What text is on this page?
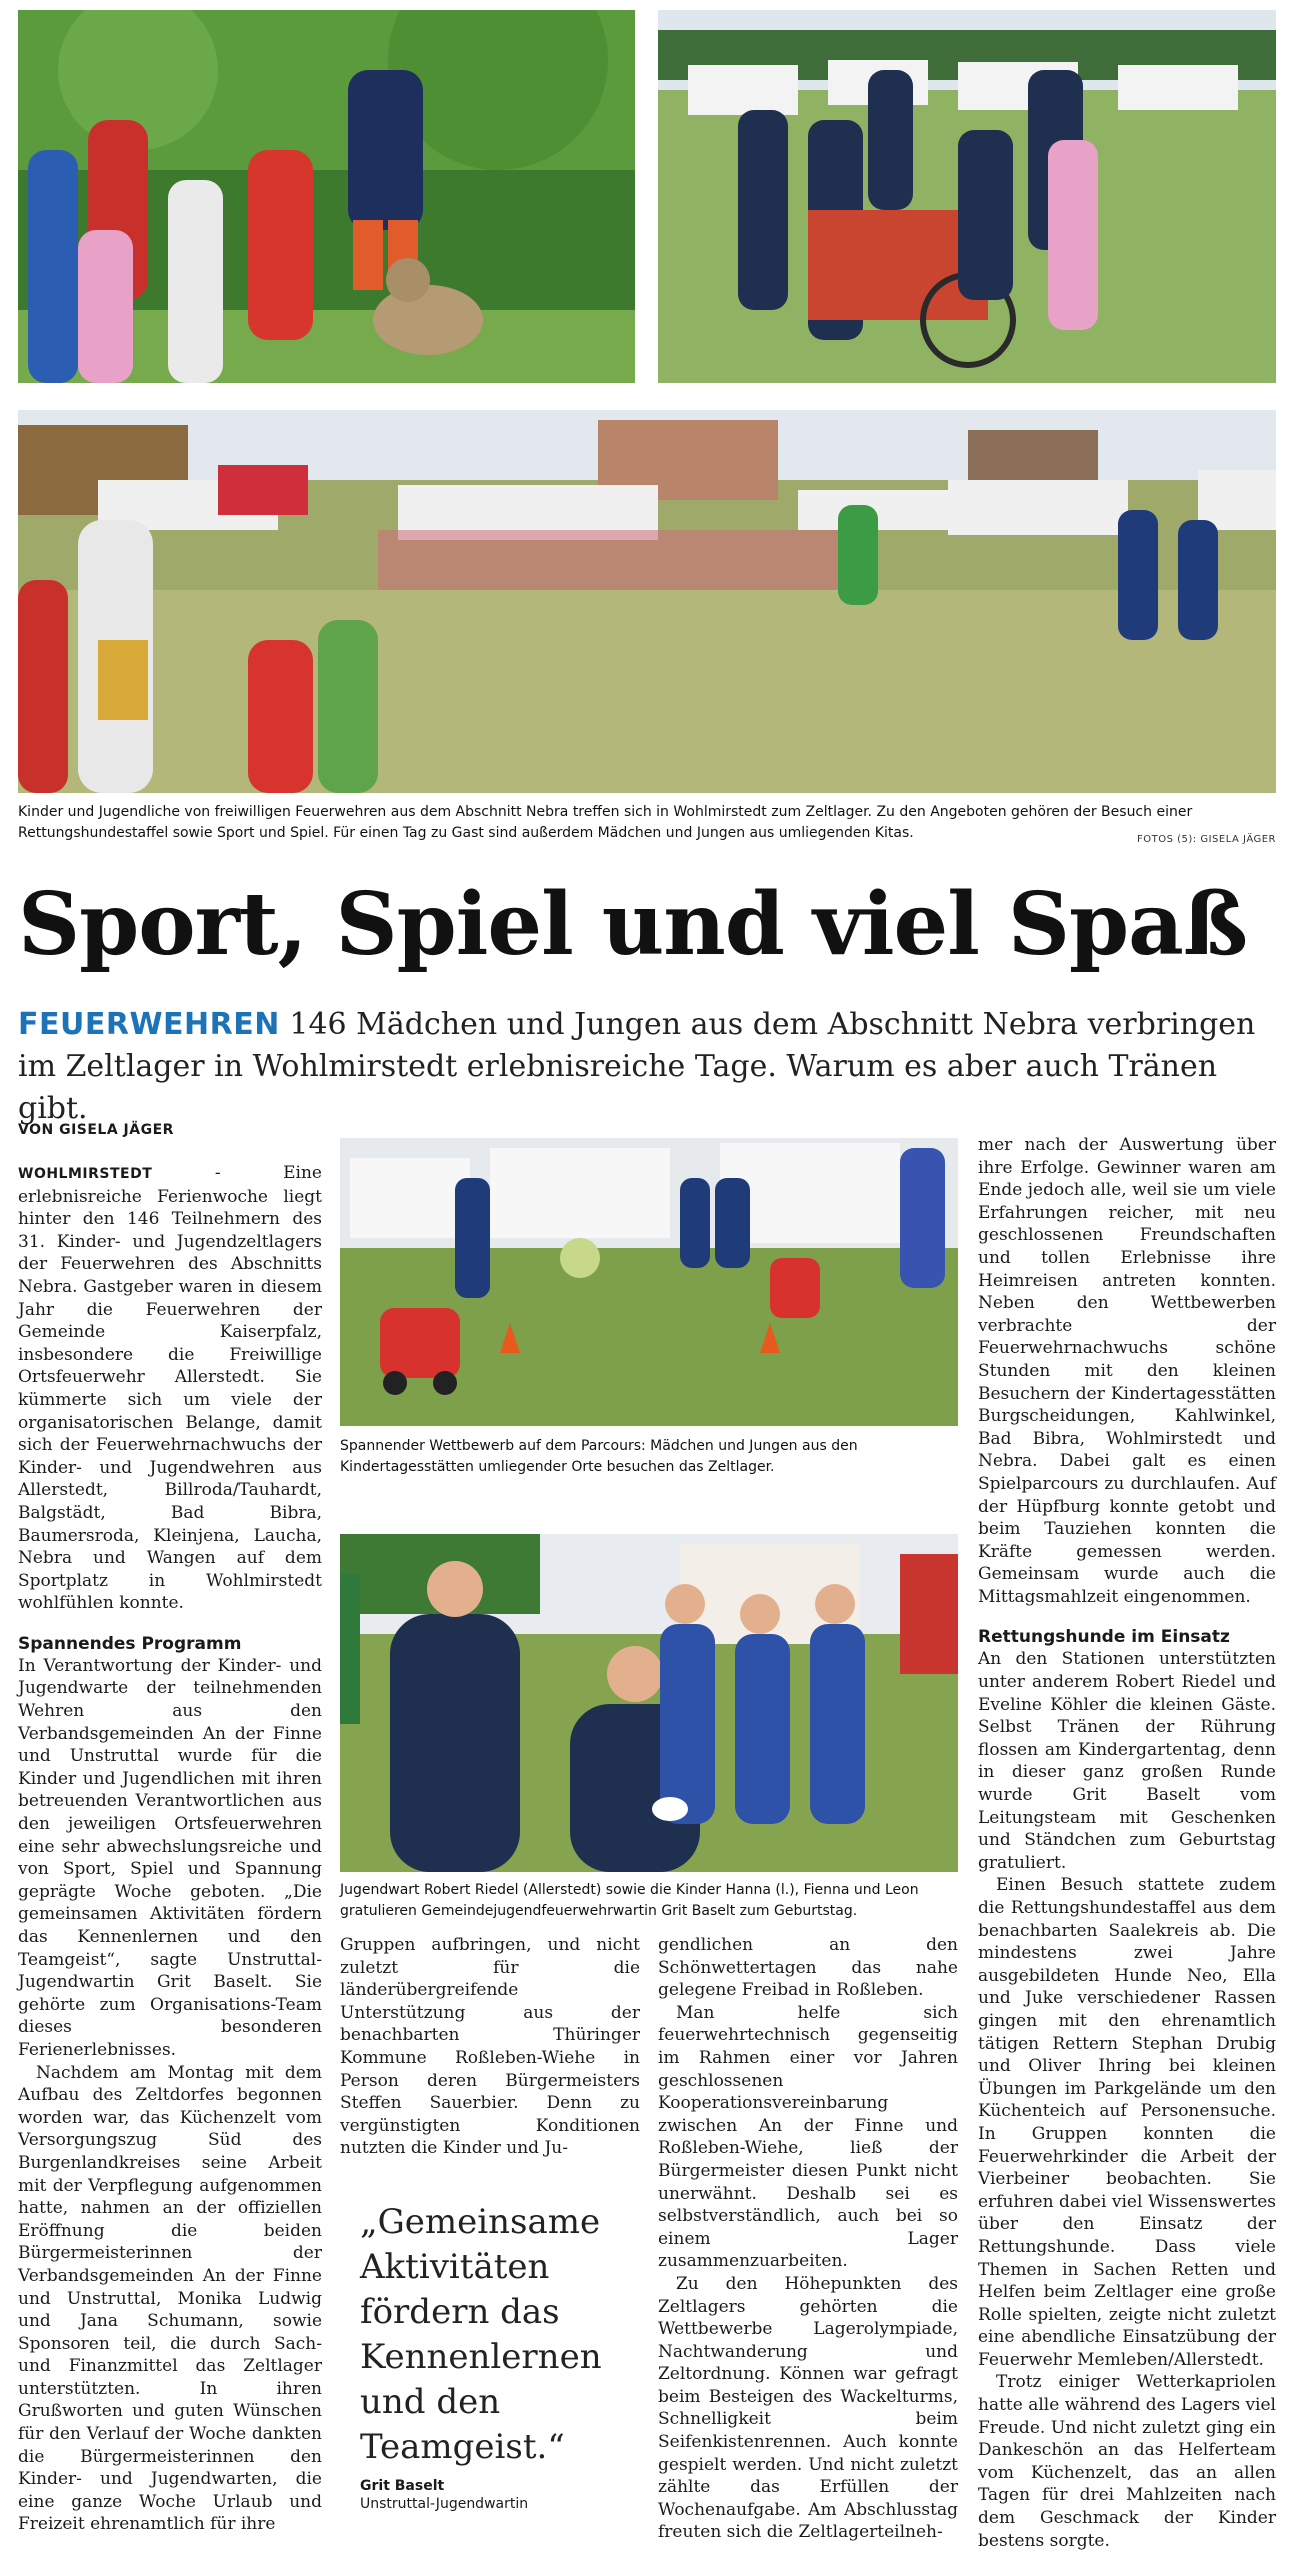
Kinder und Jugendliche von freiwilligen Feuerwehren aus dem Abschnitt Nebra treffen sich in Wohlmirstedt zum Zeltlager. Zu den Angeboten gehören der Besuch einer Rettungshundestaffel sowie Sport und Spiel. Für einen Tag zu Gast sind außerdem Mädchen und Jungen aus umliegenden Kitas.	FOTOS (5): GISELA JÄGER
Sport, Spiel und viel Spaß

FEUERWEHREN 146 Mädchen und Jungen aus dem Abschnitt Nebra verbringen im Zeltlager in Wohlmirstedt erlebnisreiche Tage. Warum es aber auch Tränen gibt.

VON GISELA JÄGER

WOHLMIRSTEDT - Eine erlebnisreiche Ferienwoche liegt hinter den 146 Teilnehmern des 31. Kinder- und Jugendzeltlagers der Feuerwehren des Abschnitts Nebra. Gastgeber waren in diesem Jahr die Feuerwehren der Gemeinde Kaiserpfalz, insbesondere die Freiwillige Ortsfeuerwehr Allerstedt. Sie kümmerte sich um viele der organisatorischen Belange, damit sich der Feuerwehrnachwuchs der Kinder- und Jugendwehren aus Allerstedt, Billroda/Tauhardt, Balgstädt, Bad Bibra, Baumersroda, Kleinjena, Laucha, Nebra und Wangen auf dem Sportplatz in Wohlmirstedt wohlfühlen konnte.

Spannendes Programm

In Verantwortung der Kinder- und Jugendwarte der teilnehmenden Wehren aus den Verbandsgemeinden An der Finne und Unstruttal wurde für die Kinder und Jugendlichen mit ihren betreuenden Verantwortlichen aus den jeweiligen Ortsfeuerwehren eine sehr abwechslungsreiche und von Sport, Spiel und Spannung geprägte Woche geboten. „Die gemeinsamen Aktivitäten fördern das Kennenlernen und den Teamgeist“, sagte Unstruttal-Jugendwartin Grit Baselt. Sie gehörte zum Organisations-Team dieses besonderen Ferienerlebnisses.

Nachdem am Montag mit dem Aufbau des Zeltdorfes begonnen worden war, das Küchenzelt vom Versorgungszug Süd des Burgenlandkreises seine Arbeit mit der Verpflegung aufgenommen hatte, nahmen an der offiziellen Eröffnung die beiden Bürgermeisterinnen der Verbandsgemeinden An der Finne und Unstruttal, Monika Ludwig und Jana Schumann, sowie Sponsoren teil, die durch Sach- und Finanzmittel das Zeltlager unterstützten. In ihren Grußworten und guten Wünschen für den Verlauf der Woche dankten die Bürgermeisterinnen den Kinder- und Jugendwarten, die eine ganze Woche Urlaub und Freizeit ehrenamtlich für ihre

Spannender Wettbewerb auf dem Parcours: Mädchen und Jungen aus den Kindertagesstätten umliegender Orte besuchen das Zeltlager.
Jugendwart Robert Riedel (Allerstedt) sowie die Kinder Hanna (l.), Fienna und Leon gratulieren Gemeindejugendfeuerwehrwartin Grit Baselt zum Geburtstag.

Gruppen aufbringen, und nicht zuletzt für die länderübergreifende Unterstützung aus der benachbarten Thüringer Kommune Roßleben-Wiehe in Person deren Bürgermeisters Steffen Sauerbier. Denn zu vergünstigten Konditionen nutzten die Kinder und Ju-

„Gemeinsame Aktivitäten fördern das Kennenlernen und den Teamgeist.“

Grit Baselt
Unstruttal-Jugendwartin

gendlichen an den Schönwettertagen das nahe gelegene Freibad in Roßleben.

Man helfe sich feuerwehrtechnisch gegenseitig im Rahmen einer vor Jahren geschlossenen Kooperationsvereinbarung zwischen An der Finne und Roßleben-Wiehe, ließ der Bürgermeister diesen Punkt nicht unerwähnt. Deshalb sei es selbstverständlich, auch bei so einem Lager zusammenzuarbeiten.

Zu den Höhepunkten des Zeltlagers gehörten die Wettbewerbe Lagerolympiade, Nachtwanderung und Zeltordnung. Können war gefragt beim Besteigen des Wackelturms, Schnelligkeit beim Seifenkistenrennen. Auch konnte gespielt werden. Und nicht zuletzt zählte das Erfüllen der Wochenaufgabe. Am Abschlusstag freuten sich die Zeltlagerteilneh-

mer nach der Auswertung über ihre Erfolge. Gewinner waren am Ende jedoch alle, weil sie um viele Erfahrungen reicher, mit neu geschlossenen Freundschaften und tollen Erlebnisse ihre Heimreisen antreten konnten. Neben den Wettbewerben verbrachte der Feuerwehrnachwuchs schöne Stunden mit den kleinen Besuchern der Kindertagesstätten Burgscheidungen, Kahlwinkel, Bad Bibra, Wohlmirstedt und Nebra. Dabei galt es einen Spielparcours zu durchlaufen. Auf der Hüpfburg konnte getobt und beim Tauziehen konnten die Kräfte gemessen werden. Gemeinsam wurde auch die Mittagsmahlzeit eingenommen.

Rettungshunde im Einsatz

An den Stationen unterstützten unter anderem Robert Riedel und Eveline Köhler die kleinen Gäste. Selbst Tränen der Rührung flossen am Kindergartentag, denn in dieser ganz großen Runde wurde Grit Baselt vom Leitungsteam mit Geschenken und Ständchen zum Geburtstag gratuliert.

Einen Besuch stattete zudem die Rettungshundestaffel aus dem benachbarten Saalekreis ab. Die mindestens zwei Jahre ausgebildeten Hunde Neo, Ella und Juke verschiedener Rassen gingen mit den ehrenamtlich tätigen Rettern Stephan Drubig und Oliver Ihring bei kleinen Übungen im Parkgelände um den Küchenteich auf Personensuche. In Gruppen konnten die Feuerwehrkinder die Arbeit der Vierbeiner beobachten. Sie erfuhren dabei viel Wissenswertes über den Einsatz der Rettungshunde. Dass viele Themen in Sachen Retten und Helfen beim Zeltlager eine große Rolle spielten, zeigte nicht zuletzt eine abendliche Einsatzübung der Feuerwehr Memleben/Allerstedt.

Trotz einiger Wetterkapriolen hatte alle während des Lagers viel Freude. Und nicht zuletzt ging ein Dankeschön an das Helferteam vom Küchenzelt, das an allen Tagen für drei Mahlzeiten nach dem Geschmack der Kinder bestens sorgte.
